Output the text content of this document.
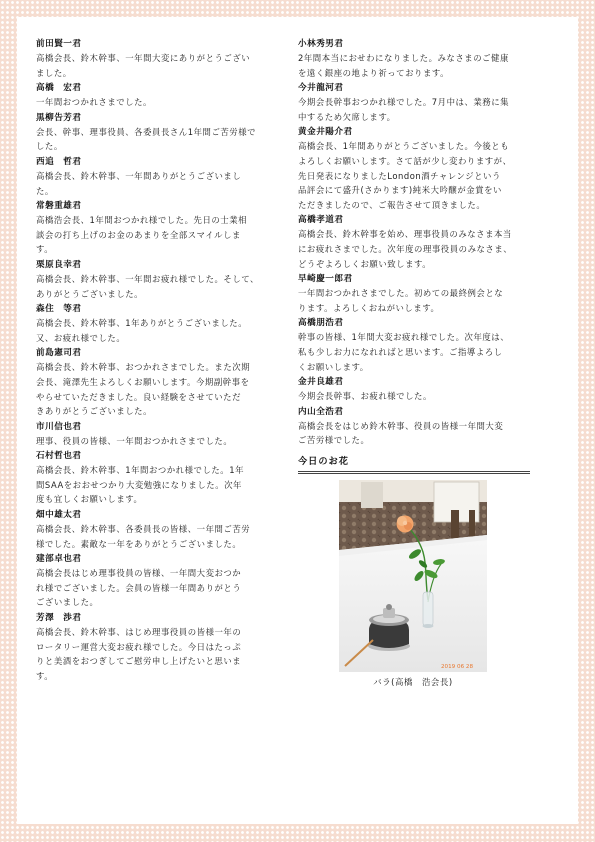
前田賢一君
高橋会長、鈴木幹事、一年間大変にありがとうござい
ました。
高橋　宏君
一年間おつかれさまでした。
黒柳告芳君
会長、幹事、理事役員、各委員長さん1年間ご苦労様で
した。
西追　哲君
高橋会長、鈴木幹事、一年間ありがとうございまし
た。
常磐重雄君
高橋浩会長、1年間おつかれ様でした。先日の士業相
談会の打ち上げのお金のあまりを全部スマイルしま
す。
栗原良幸君
高橋会長、鈴木幹事、一年間お疲れ様でした。そして、
ありがとうございました。
森住　等君
高橋会長、鈴木幹事、1年ありがとうございました。
又、お疲れ様でした。
前島憲司君
高橋会長、鈴木幹事、おつかれさまでした。また次期
会長、滝澤先生よろしくお願いします。今期副幹事を
やらせていただきました。良い経験をさせていただ
きありがとうございました。
市川信也君
理事、役員の皆様、一年間おつかれさまでした。
石村哲也君
高橋会長、鈴木幹事、1年間おつかれ様でした。1年
間SAAをおおせつかり大変勉強になりました。次年
度も宜しくお願いします。
畑中雄太君
高橋会長、鈴木幹事、各委員長の皆様、一年間ご苦労
様でした。素敵な一年をありがとうございました。
建部卓也君
高橋会長はじめ理事役員の皆様、一年間大変おつか
れ様でございました。会員の皆様一年間ありがとう
ございました。
芳澤　渉君
高橋会長、鈴木幹事、はじめ理事役員の皆様一年の
ロータリー運営大変お疲れ様でした。今日はたっぷ
りと美酒をおつぎしてご慰労申し上げたいと思いま
す。
小林秀男君
2年間本当におせわになりました。みなさまのご健康
を遠く銀座の地より祈っております。
今井龍河君
今期会長幹事おつかれ様でした。7月中は、業務に集
中するため欠席します。
黄金井陽介君
高橋会長、1年間ありがとうございました。今後とも
よろしくお願いします。さて話が少し変わりますが、
先日発表になりましたLondon酒チャレンジという
品評会にて盛升(さかります)純米大吟醸が金賞をい
ただきましたので、ご報告させて頂きました。
高橋孝道君
高橋会長、鈴木幹事を始め、理事役員のみなさま本当
にお疲れさまでした。次年度の理事役員のみなさま、
どうぞよろしくお願い致します。
早崎慶一郎君
一年間おつかれさまでした。初めての最終例会とな
ります。よろしくおねがいします。
高橋朋浩君
幹事の皆様、1年間大変お疲れ様でした。次年度は、
私も少しお力になれればと思います。ご指導よろし
くお願いします。
金井良雄君
今期会長幹事、お疲れ様でした。
内山全浩君
高橋会長をはじめ鈴木幹事、役員の皆様一年間大変
ご苦労様でした。
今日のお花
2019 06 28
バラ(高橋　浩会長)
